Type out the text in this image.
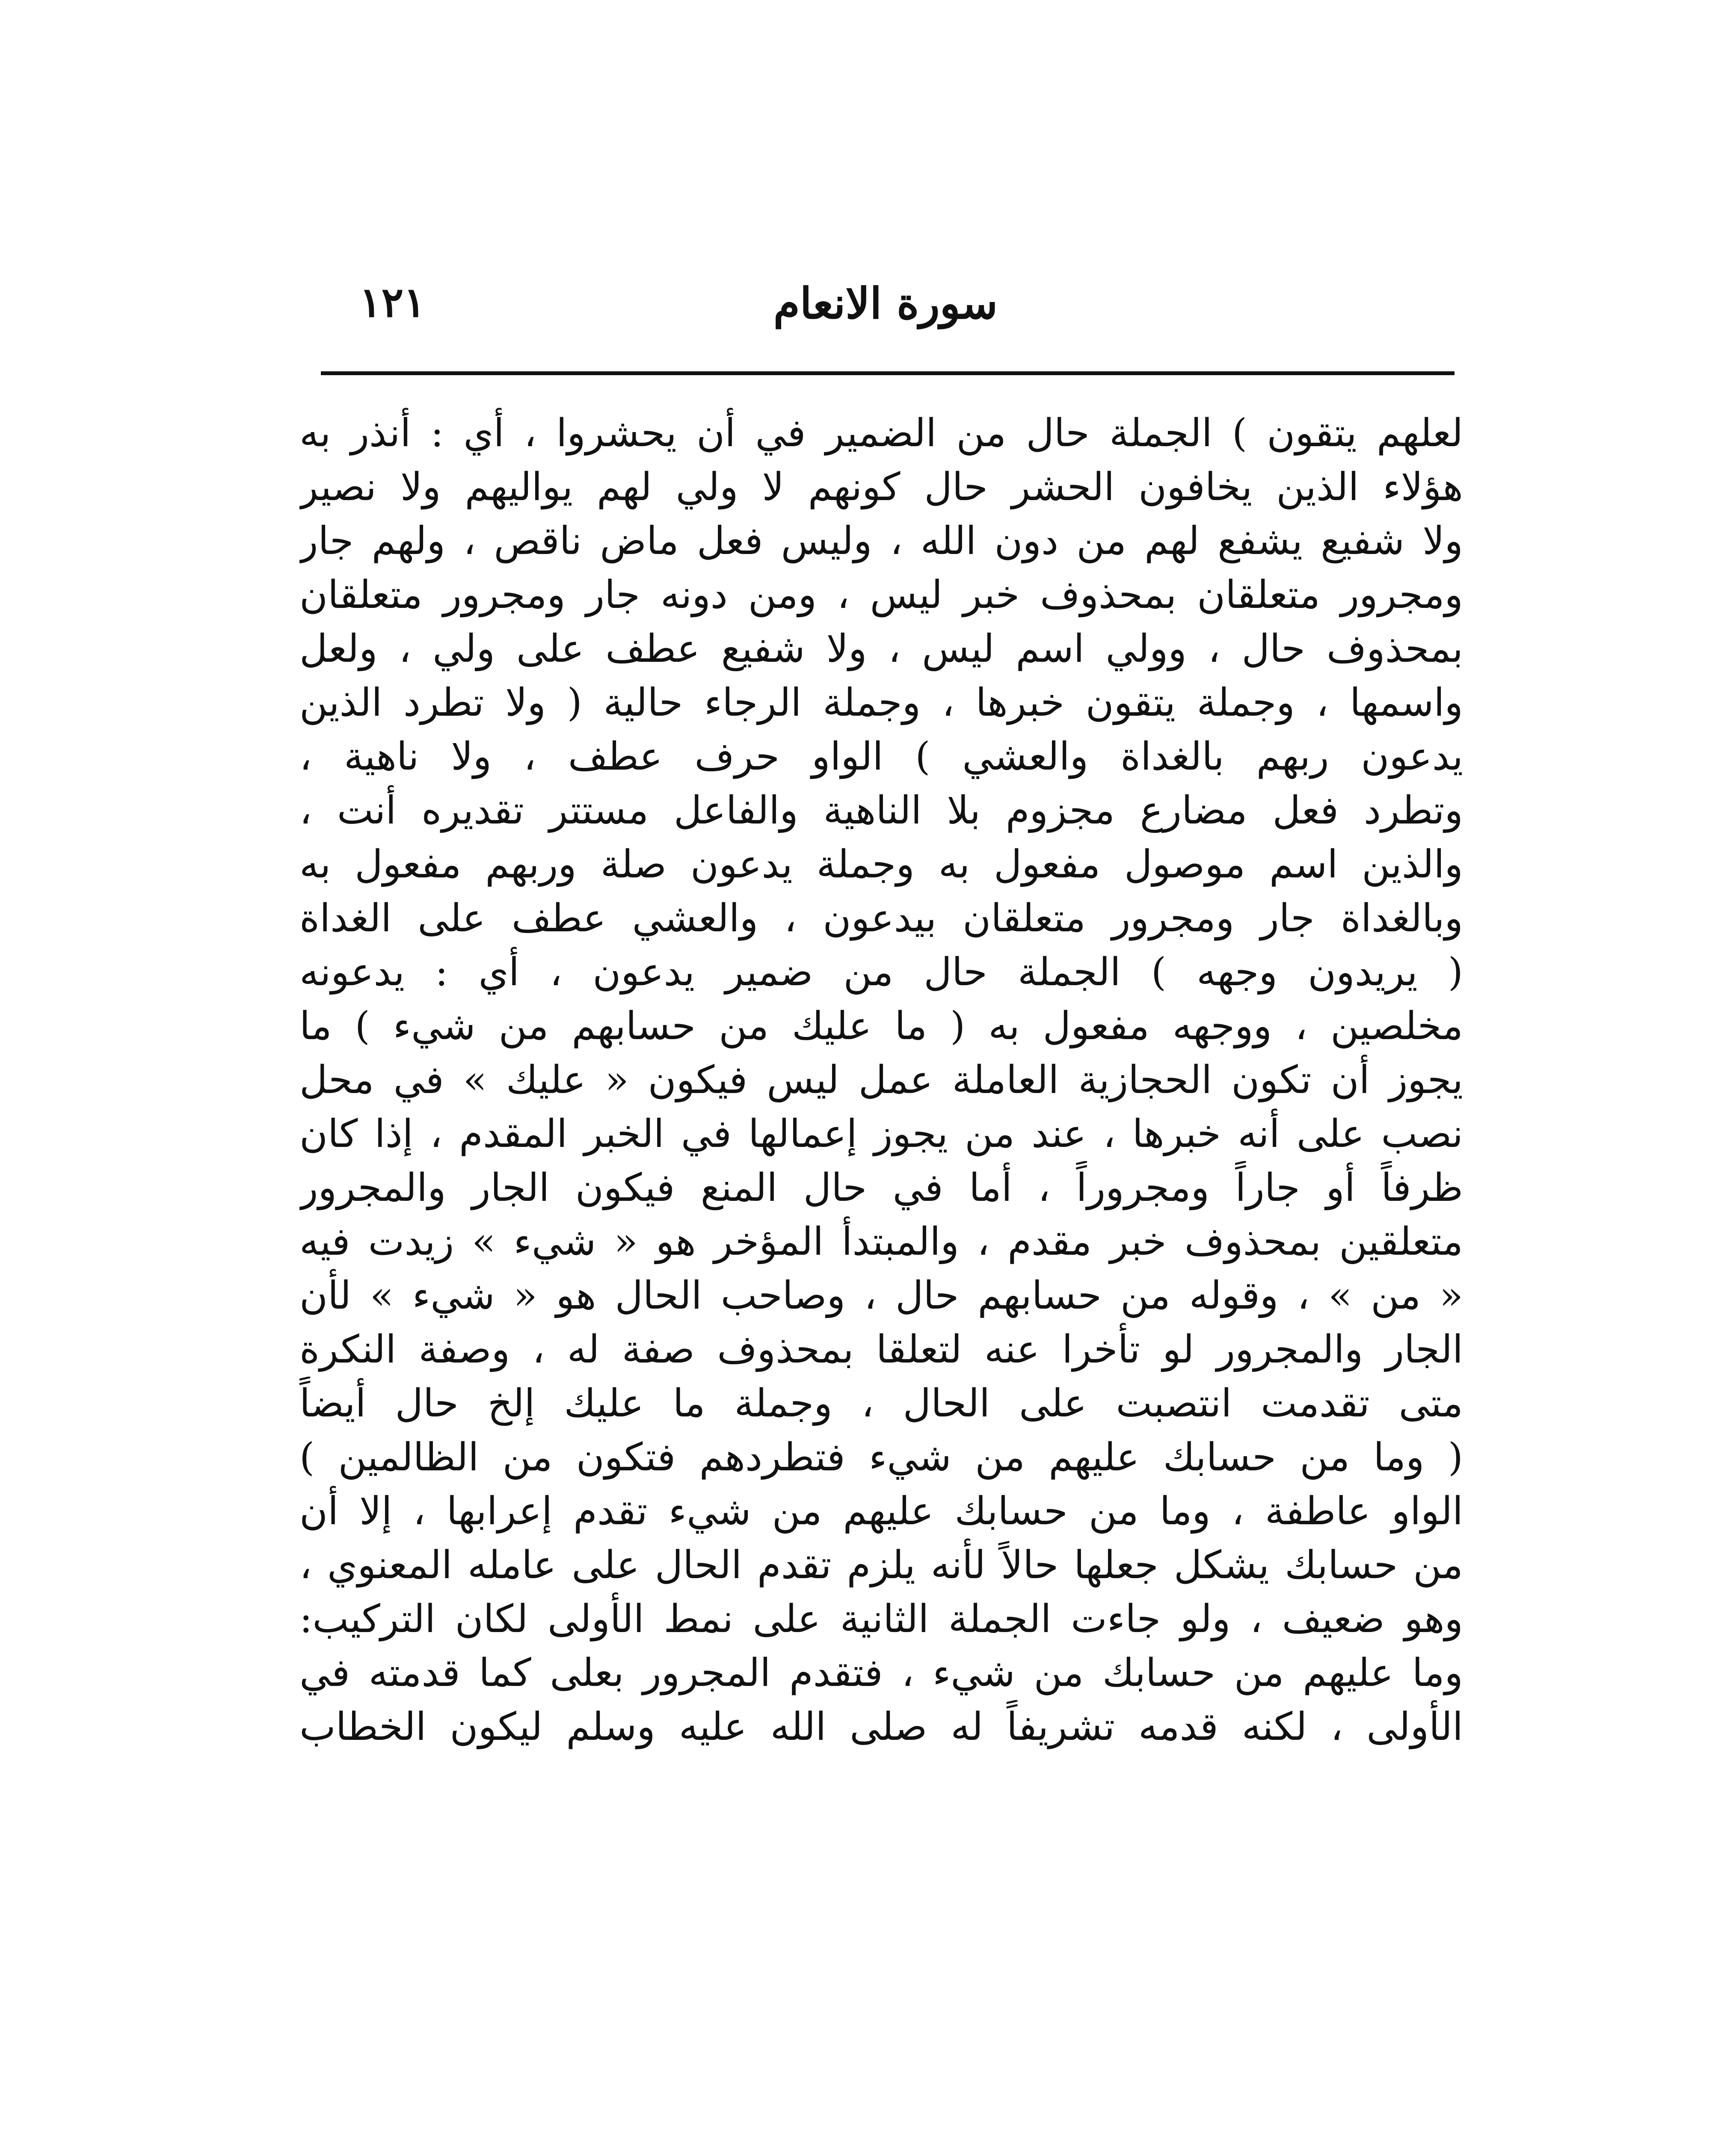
١٢١	سورة الانعام
لعلهم يتقون ) الجملة حال من الضمير في أن يحشروا ، أي : أنذر به
هؤلاء الذين يخافون الحشر حال كونهم لا ولي لهم يواليهم ولا نصير
ولا شفيع يشفع لهم من دون الله ، وليس فعل ماض ناقص ، ولهم جار
ومجرور متعلقان بمحذوف خبر ليس ، ومن دونه جار ومجرور متعلقان
بمحذوف حال ، وولي اسم ليس ، ولا شفيع عطف على ولي ، ولعل
واسمها ، وجملة يتقون خبرها ، وجملة الرجاء حالية ( ولا تطرد الذين
يدعون ربهم بالغداة والعشي ) الواو حرف عطف ، ولا ناهية ،
وتطرد فعل مضارع مجزوم بلا الناهية والفاعل مستتر تقديره أنت ،
والذين اسم موصول مفعول به وجملة يدعون صلة وربهم مفعول به
وبالغداة جار ومجرور متعلقان بيدعون ، والعشي عطف على الغداة
( يريدون وجهه ) الجملة حال من ضمير يدعون ، أي : يدعونه
مخلصين ، ووجهه مفعول به ( ما عليك من حسابهم من شيء ) ما
يجوز أن تكون الحجازية العاملة عمل ليس فيكون « عليك » في محل
نصب على أنه خبرها ، عند من يجوز إعمالها في الخبر المقدم ، إذا كان
ظرفاً أو جاراً ومجروراً ، أما في حال المنع فيكون الجار والمجرور
متعلقين بمحذوف خبر مقدم ، والمبتدأ المؤخر هو « شيء » زيدت فيه
« من » ، وقوله من حسابهم حال ، وصاحب الحال هو « شيء » لأن
الجار والمجرور لو تأخرا عنه لتعلقا بمحذوف صفة له ، وصفة النكرة
متى تقدمت انتصبت على الحال ، وجملة ما عليك إلخ حال أيضاً
( وما من حسابك عليهم من شيء فتطردهم فتكون من الظالمين )
الواو عاطفة ، وما من حسابك عليهم من شيء تقدم إعرابها ، إلا أن
من حسابك يشكل جعلها حالاً لأنه يلزم تقدم الحال على عامله المعنوي ،
وهو ضعيف ، ولو جاءت الجملة الثانية على نمط الأولى لكان التركيب:
وما عليهم من حسابك من شيء ، فتقدم المجرور بعلى كما قدمته في
الأولى ، لكنه قدمه تشريفاً له صلى الله عليه وسلم ليكون الخطاب
